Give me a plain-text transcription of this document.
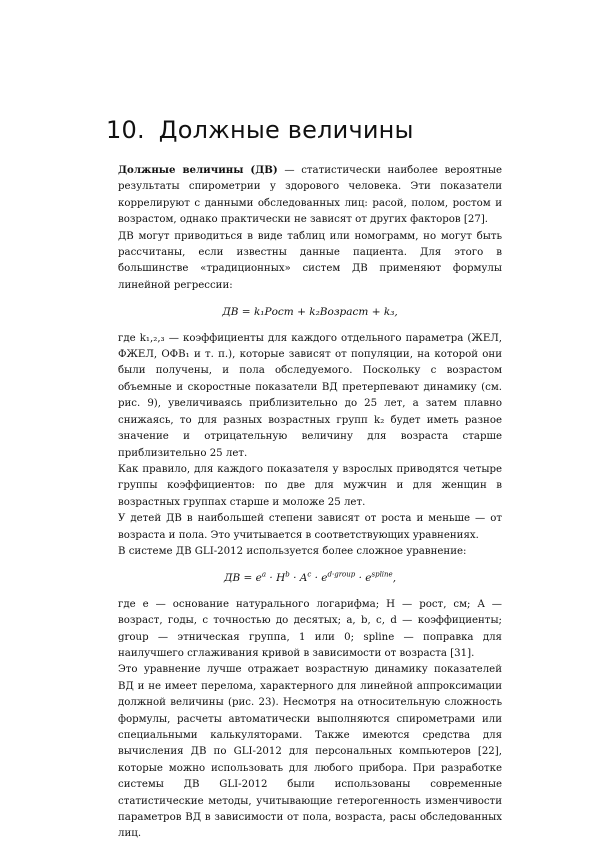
10. Должные величины

Должные величины (ДВ) — статистически наиболее вероятные результаты спирометрии у здорового человека. Эти показатели коррелируют с данными обследованных лиц: расой, полом, ростом и возрастом, однако практически не зависят от других факторов [27].

ДВ могут приводиться в виде таблиц или номограмм, но могут быть рассчитаны, если известны данные пациента. Для этого в большинстве «традиционных» систем ДВ применяют формулы линейной регрессии:

ДВ = k₁Рост + k₂Возраст + k₃,

где k₁,₂,₃ — коэффициенты для каждого отдельного параметра (ЖЕЛ, ФЖЕЛ, ОФВ₁ и т. п.), которые зависят от популяции, на которой они были получены, и пола обследуемого. Поскольку с возрастом объемные и скоростные показатели ВД претерпевают динамику (см. рис. 9), увеличиваясь приблизительно до 25 лет, а затем плавно снижаясь, то для разных возрастных групп k₂ будет иметь разное значение и отрицательную величину для возраста старше приблизительно 25 лет.

Как правило, для каждого показателя у взрослых приводятся четыре группы коэффициентов: по две для мужчин и для женщин в возрастных группах старше и моложе 25 лет.

У детей ДВ в наибольшей степени зависят от роста и меньше — от возраста и пола. Это учитывается в соответствующих уравнениях.

В системе ДВ GLI-2012 используется более сложное уравнение:

ДВ = $e^a \cdot H^b \cdot A^c \cdot e^{d\cdot group} \cdot e^{spline}$,

где e — основание натурального логарифма; H — рост, см; A — возраст, годы, с точностью до десятых; a, b, c, d — коэффициенты; group — этническая группа, 1 или 0; spline — поправка для наилучшего сглаживания кривой в зависимости от возраста [31].

Это уравнение лучше отражает возрастную динамику показателей ВД и не имеет перелома, характерного для линейной аппроксимации должной величины (рис. 23). Несмотря на относительную сложность формулы, расчеты автоматически выполняются спирометрами или специальными калькуляторами. Также имеются средства для вычисления ДВ по GLI-2012 для персональных компьютеров [22], которые можно использовать для любого прибора. При разработке системы ДВ GLI-2012 были использованы современные статистические методы, учитывающие гетерогенность изменчивости параметров ВД в зависимости от пола, возраста, расы обследованных лиц.
